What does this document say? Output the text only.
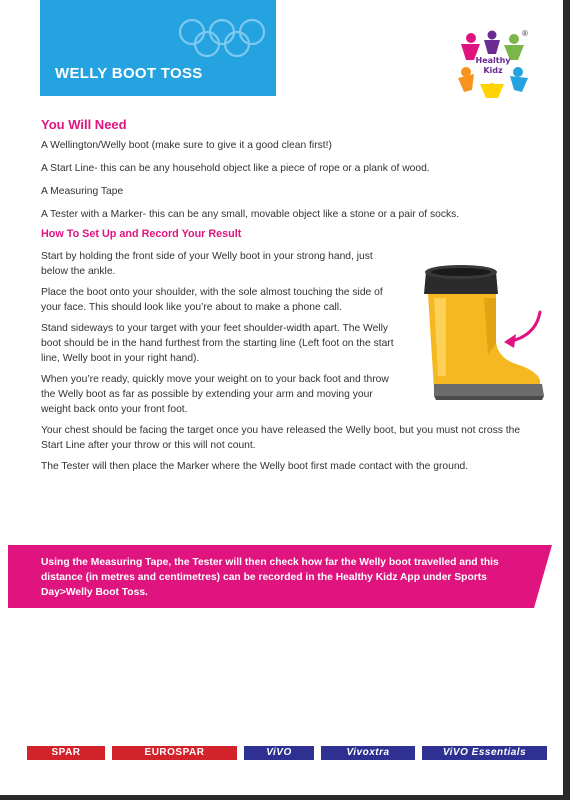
WELLY BOOT TOSS
Healthy
Kidz
®
You Will Need

A Wellington/Welly boot (make sure to give it a good clean first!)

A Start Line- this can be any household object like a piece of rope or a plank of wood.

A Measuring Tape

A Tester with a Marker- this can be any small, movable object like a stone or a pair of socks.

How To Set Up and Record Your Result

Start by holding the front side of your Welly boot in your strong hand, just below the ankle.

Place the boot onto your shoulder, with the sole almost touching the side of your face. This should look like you’re about to make a phone call.

Stand sideways to your target with your feet shoulder-width apart. The Welly boot should be in the hand furthest from the starting line (Left foot on the start line, Welly boot in your right hand).

When you’re ready, quickly move your weight on to your back foot and throw the Welly boot as far as possible by extending your arm and moving your weight back onto your front foot.

Your chest should be facing the target once you have released the Welly boot, but you must not cross the Start Line after your throw or this will not count.

The Tester will then place the Marker where the Welly boot first made contact with the ground.

Using the Measuring Tape, the Tester will then check how far the Welly boot travelled and this distance (in metres and centimetres) can be recorded in the Healthy Kidz App under Sports Day>Welly Boot Toss.
SPAR	EUROSPAR	ViVO	Vivoxtra	ViVO Essentials
